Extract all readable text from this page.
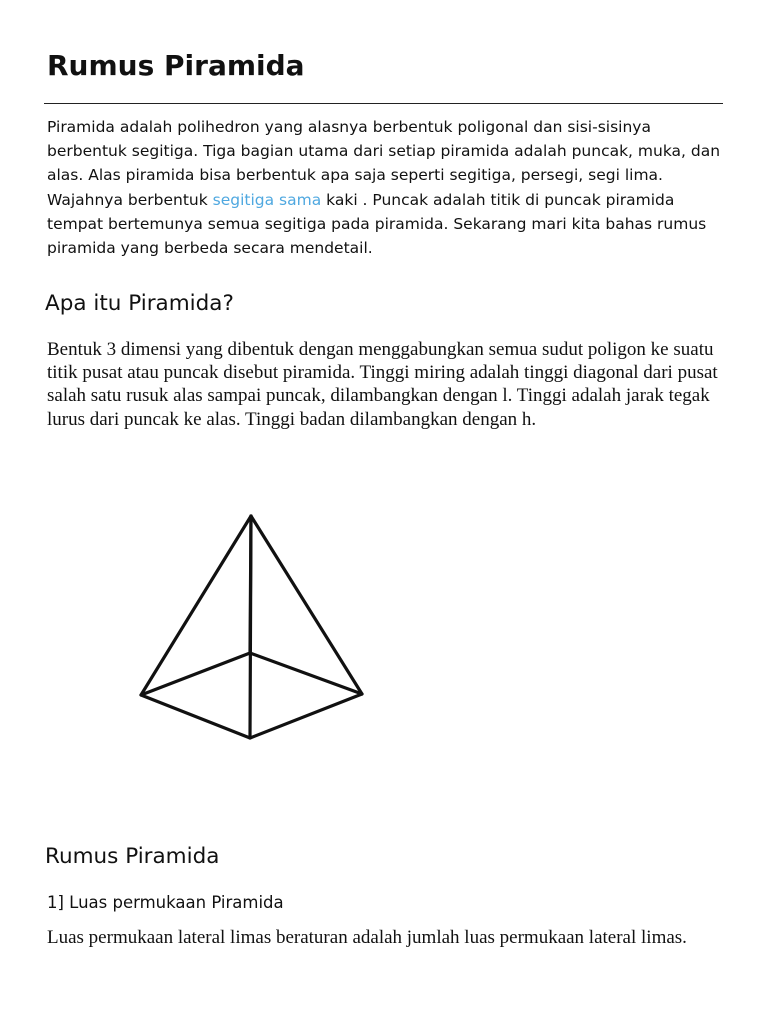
Rumus Piramida

Piramida adalah polihedron yang alasnya berbentuk poligonal dan sisi-sisinya berbentuk segitiga. Tiga bagian utama dari setiap piramida adalah puncak, muka, dan alas. Alas piramida bisa berbentuk apa saja seperti segitiga, persegi, segi lima. Wajahnya berbentuk segitiga sama kaki . Puncak adalah titik di puncak piramida tempat bertemunya semua segitiga pada piramida. Sekarang mari kita bahas rumus piramida yang berbeda secara mendetail.

Apa itu Piramida?

Bentuk 3 dimensi yang dibentuk dengan menggabungkan semua sudut poligon ke suatu titik pusat atau puncak disebut piramida. Tinggi miring adalah tinggi diagonal dari pusat salah satu rusuk alas sampai puncak, dilambangkan dengan l. Tinggi adalah jarak tegak lurus dari puncak ke alas. Tinggi badan dilambangkan dengan h.

Rumus Piramida

1] Luas permukaan Piramida

Luas permukaan lateral limas beraturan adalah jumlah luas permukaan lateral limas.
